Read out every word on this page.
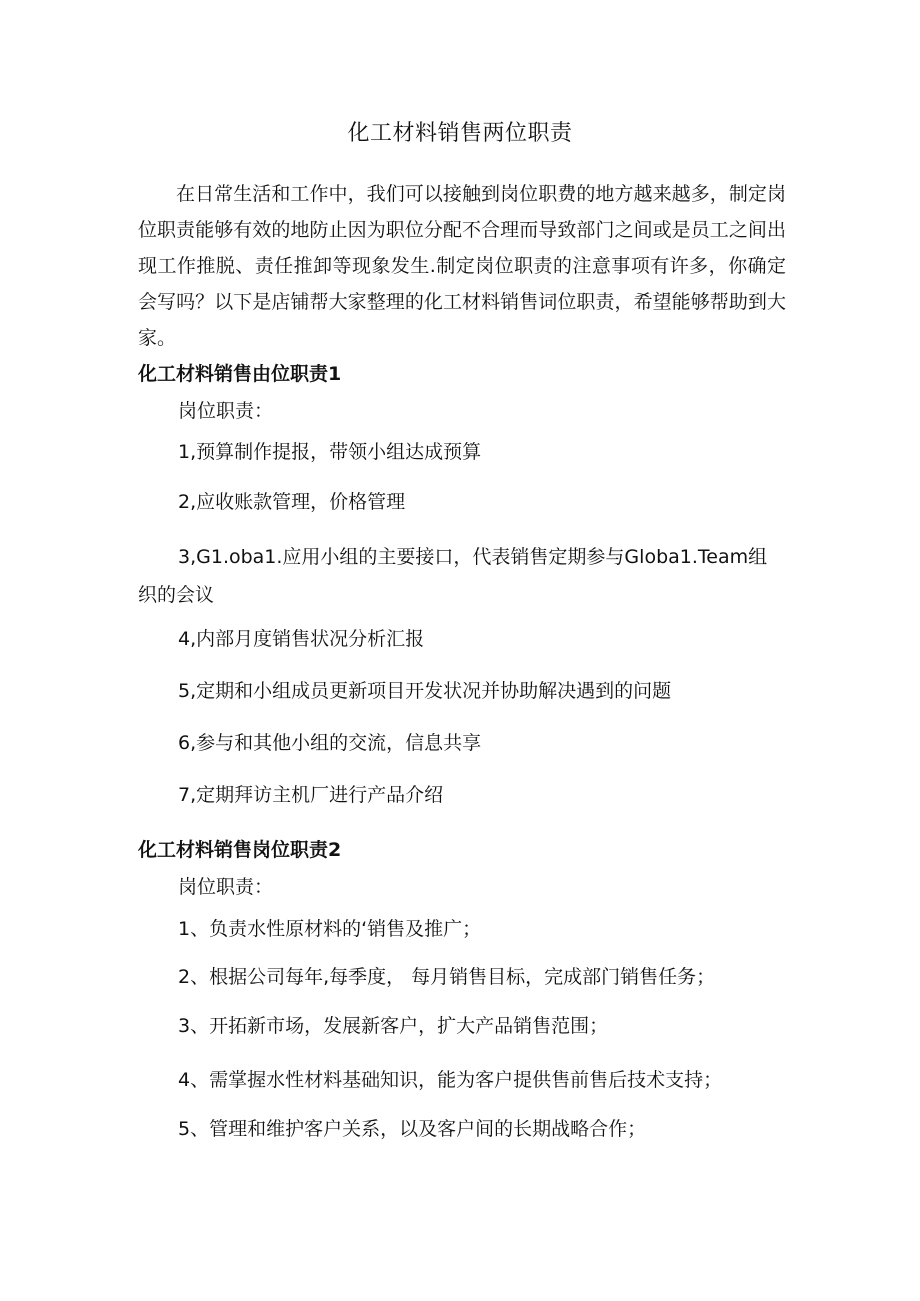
化工材料销售两位职责

在日常生活和工作中，我们可以接触到岗位职费的地方越来越多，制定岗位职责能够有效的地防止因为职位分配不合理而导致部门之间或是员工之间出现工作推脱、责任推卸等现象发生.制定岗位职责的注意事项有许多，你确定会写吗？以下是店铺帮大家整理的化工材料销售词位职责，希望能够帮助到大家。

化工材料销售由位职责1
岗位职责：
1,预算制作提报，带领小组达成预算
2,应收账款管理，价格管理

3,G1.oba1.应用小组的主要接口，代表销售定期参与Globa1.Team组织的会议

4,内部月度销售状况分析汇报
5,定期和小组成员更新项目开发状况并协助解决遇到的问题
6,参与和其他小组的交流，信息共享
7,定期拜访主机厂进行产品介绍
化工材料销售岗位职责2
岗位职责：
1、负责水性原材料的‘销售及推广；
2、根据公司每年,每季度， 每月销售目标，完成部门销售任务；
3、开拓新市场，发展新客户，扩大产品销售范围；
4、需掌握水性材料基础知识，能为客户提供售前售后技术支持；
5、管理和维护客户关系，以及客户间的长期战略合作；
